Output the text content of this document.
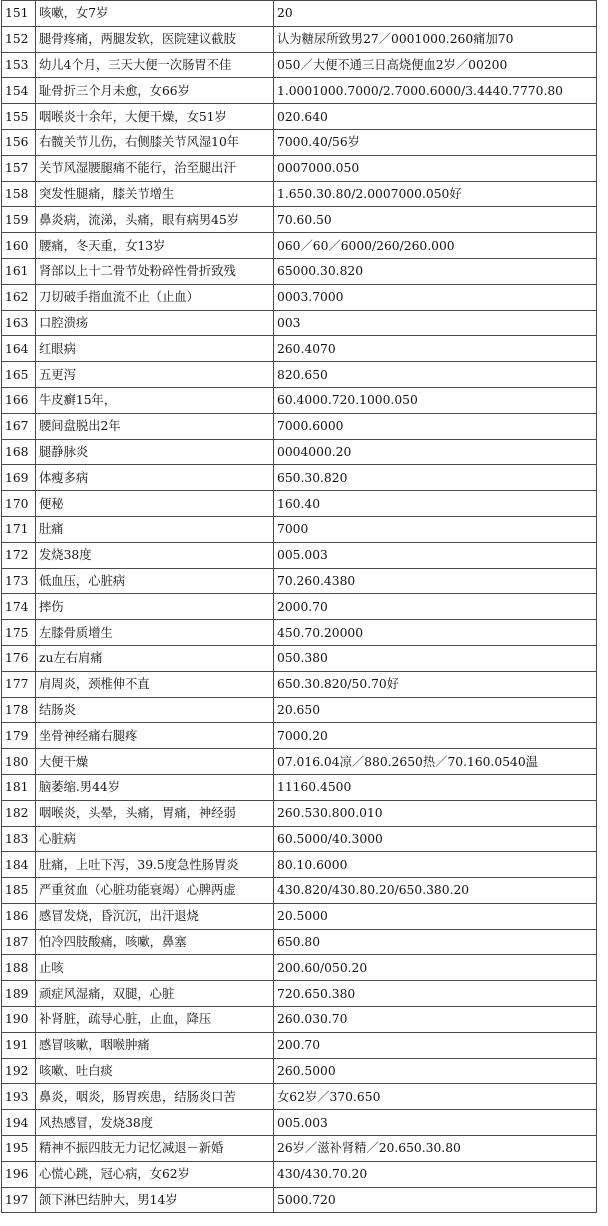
151	咳嗽，女7岁	20
152	腿骨疼痛，两腿发软，医院建议截肢	认为糖尿所致男27／0001000.260痛加70
153	幼儿4个月，三天大便一次肠胃不佳	050／大便不通三日高烧便血2岁／00200
154	耻骨折三个月未愈，女66岁	1.0001000.7000/2.7000.6000/3.4440.7770.80
155	咽喉炎十余年，大便干燥，女51岁	020.640
156	右髋关节儿伤，右侧膝关节风湿10年	7000.40/56岁
157	关节风湿腰腿痛不能行，治至腿出汗	0007000.050
158	突发性腿痛，膝关节增生	1.650.30.80/2.0007000.050好
159	鼻炎病，流涕，头痛，眼有病男45岁	70.60.50
160	腰痛，冬天重，女13岁	060／60／6000/260/260.000
161	肾部以上十二骨节处粉碎性骨折致残	65000.30.820
162	刀切破手指血流不止（止血）	0003.7000
163	口腔溃疡	003
164	红眼病	260.4070
165	五更泻	820.650
166	牛皮癣15年，	60.4000.720.1000.050
167	腰间盘脱出2年	7000.6000
168	腿静脉炎	0004000.20
169	体瘦多病	650.30.820
170	便秘	160.40
171	肚痛	7000
172	发烧38度	005.003
173	低血压，心脏病	70.260.4380
174	摔伤	2000.70
175	左膝骨质增生	450.70.20000
176	zu左右肩痛	050.380
177	肩周炎，颈椎伸不直	650.30.820/50.70好
178	结肠炎	20.650
179	坐骨神经痛右腿疼	7000.20
180	大便干燥	07.016.04凉／880.2650热／70.160.0540温
181	脑萎缩.男44岁	11160.4500
182	咽喉炎，头晕，头痛，胃痛，神经弱	260.530.800.010
183	心脏病	60.5000/40.3000
184	肚痛，上吐下泻，39.5度急性肠胃炎	80.10.6000
185	严重贫血（心脏功能衰竭）心脾两虚	430.820/430.80.20/650.380.20
186	感冒发烧，昏沉沉，出汗退烧	20.5000
187	怕冷四肢酸痛，咳嗽，鼻塞	650.80
188	止咳	200.60/050.20
189	顽症风湿痛，双腿，心脏	720.650.380
190	补肾脏，疏导心脏，止血，降压	260.030.70
191	感冒咳嗽，咽喉肿痛	200.70
192	咳嗽、吐白痰	260.5000
193	鼻炎，咽炎，肠胃疾患，结肠炎口苦	女62岁／370.650
194	风热感冒，发烧38度	005.003
195	精神不振四肢无力记忆减退－新婚	26岁／滋补肾精／20.650.30.80
196	心慌心跳，冠心病，女62岁	430/430.70.20
197	颌下淋巴结肿大，男14岁	5000.720
